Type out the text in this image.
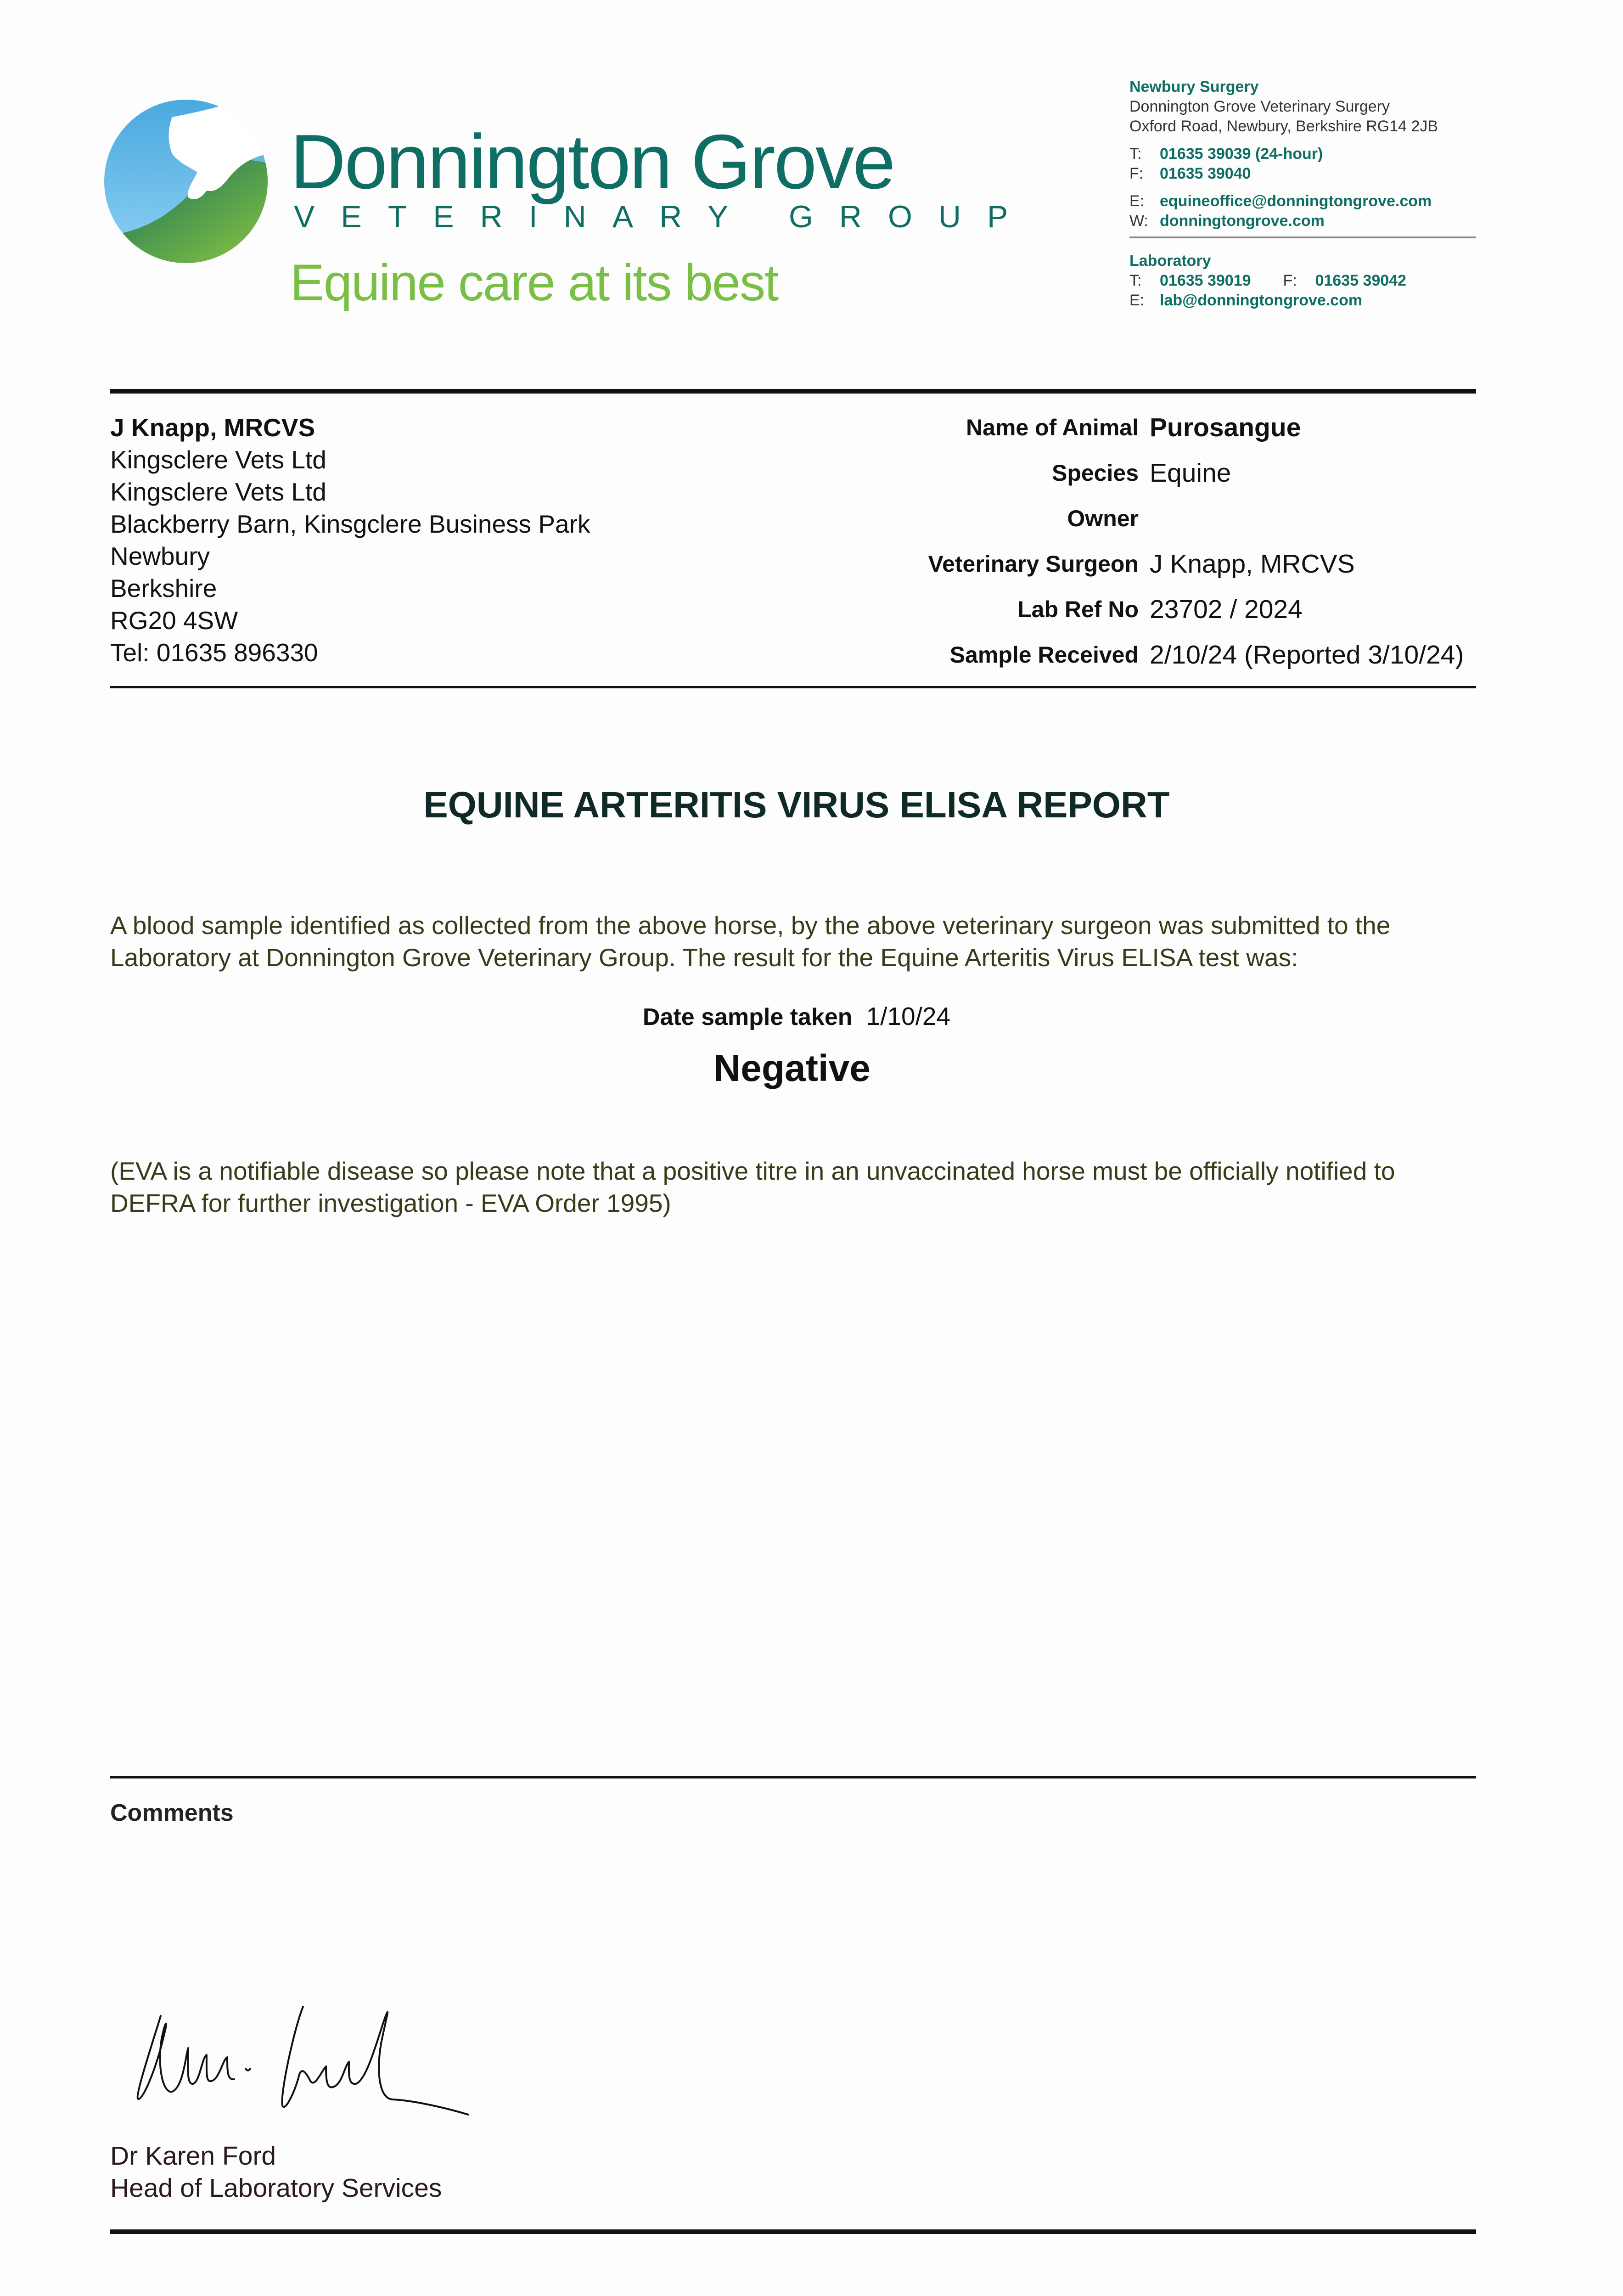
Donnington Grove
VETERINARY GROUP
Equine care at its best
Newbury Surgery
Donnington Grove Veterinary Surgery
Oxford Road, Newbury, Berkshire RG14 2JB
T: 01635 39039 (24-hour)
F: 01635 39040
E: equineoffice@donningtongrove.com
W: donningtongrove.com
Laboratory
T: 01635 39019 F: 01635 39042
E: lab@donningtongrove.com
J Knapp, MRCVS
Kingsclere Vets Ltd
Kingsclere Vets Ltd
Blackberry Barn, Kinsgclere Business Park
Newbury
Berkshire
RG20 4SW
Tel: 01635 896330
Name of Animal Purosangue
Species Equine
Owner
Veterinary Surgeon J Knapp, MRCVS
Lab Ref No 23702 / 2024
Sample Received 2/10/24 (Reported 3/10/24)
EQUINE ARTERITIS VIRUS ELISA REPORT
A blood sample identified as collected from the above horse, by the above veterinary surgeon was submitted to the Laboratory at Donnington Grove Veterinary Group. The result for the Equine Arteritis Virus ELISA test was:
Date sample taken 1/10/24
Negative
(EVA is a notifiable disease so please note that a positive titre in an unvaccinated horse must be officially notified to DEFRA for further investigation - EVA Order 1995)
Comments
Dr Karen Ford
Head of Laboratory Services
